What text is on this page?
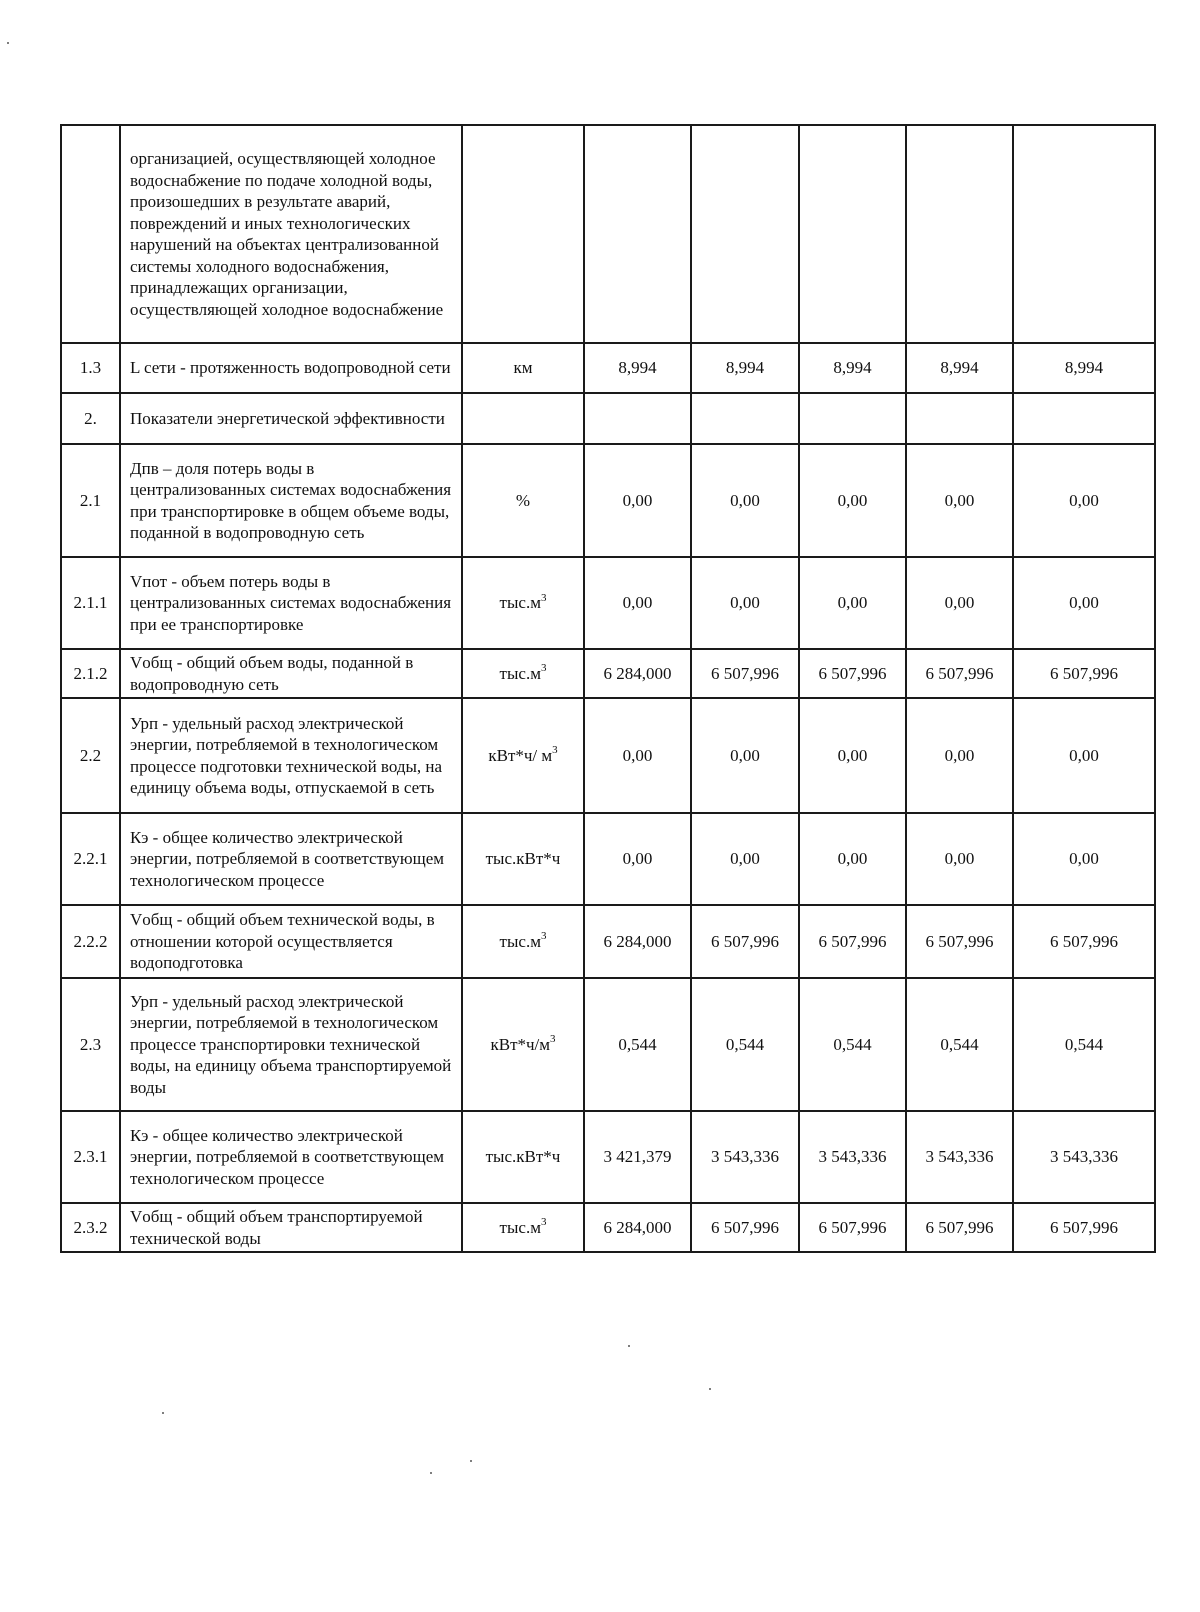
	организацией, осуществляющей холодное водоснабжение по подаче холодной воды, произошедших в результате аварий, повреждений и иных технологических нарушений на объектах централизованной системы холодного водоснабжения, принадлежащих организации, осуществляющей холодное водоснабжение						
1.3	L сети - протяженность водопроводной сети	км	8,994	8,994	8,994	8,994	8,994
2.	Показатели энергетической эффективности						
2.1	Дпв – доля потерь воды в централизованных системах водоснабжения при транспортировке в общем объеме воды, поданной в водопроводную сеть	%	0,00	0,00	0,00	0,00	0,00
2.1.1	Vпот - объем потерь воды в централизованных системах водоснабжения при ее транспортировке	$тыс.м^3$	0,00	0,00	0,00	0,00	0,00
2.1.2	Vобщ - общий объем воды, поданной в водопроводную сеть	$тыс.м^3$	6 284,000	6 507,996	6 507,996	6 507,996	6 507,996
2.2	Урп - удельный расход электрической энергии, потребляемой в технологическом процессе подготовки технической воды, на единицу объема воды, отпускаемой в сеть	кВт*ч/ $м^3$	0,00	0,00	0,00	0,00	0,00
2.2.1	Кэ - общее количество электрической энергии, потребляемой в соответствующем технологическом процессе	тыс.кВт*ч	0,00	0,00	0,00	0,00	0,00
2.2.2	Vобщ - общий объем технической воды, в отношении которой осуществляется водоподготовка	$тыс.м^3$	6 284,000	6 507,996	6 507,996	6 507,996	6 507,996
2.3	Урп - удельный расход электрической энергии, потребляемой в технологическом процессе транспортировки технической воды, на единицу объема транспортируемой воды	$кВт*ч/м^3$	0,544	0,544	0,544	0,544	0,544
2.3.1	Кэ - общее количество электрической энергии, потребляемой в соответствующем технологическом процессе	тыс.кВт*ч	3 421,379	3 543,336	3 543,336	3 543,336	3 543,336
2.3.2	Vобщ - общий объем транспортируемой технической воды	$тыс.м^3$	6 284,000	6 507,996	6 507,996	6 507,996	6 507,996
